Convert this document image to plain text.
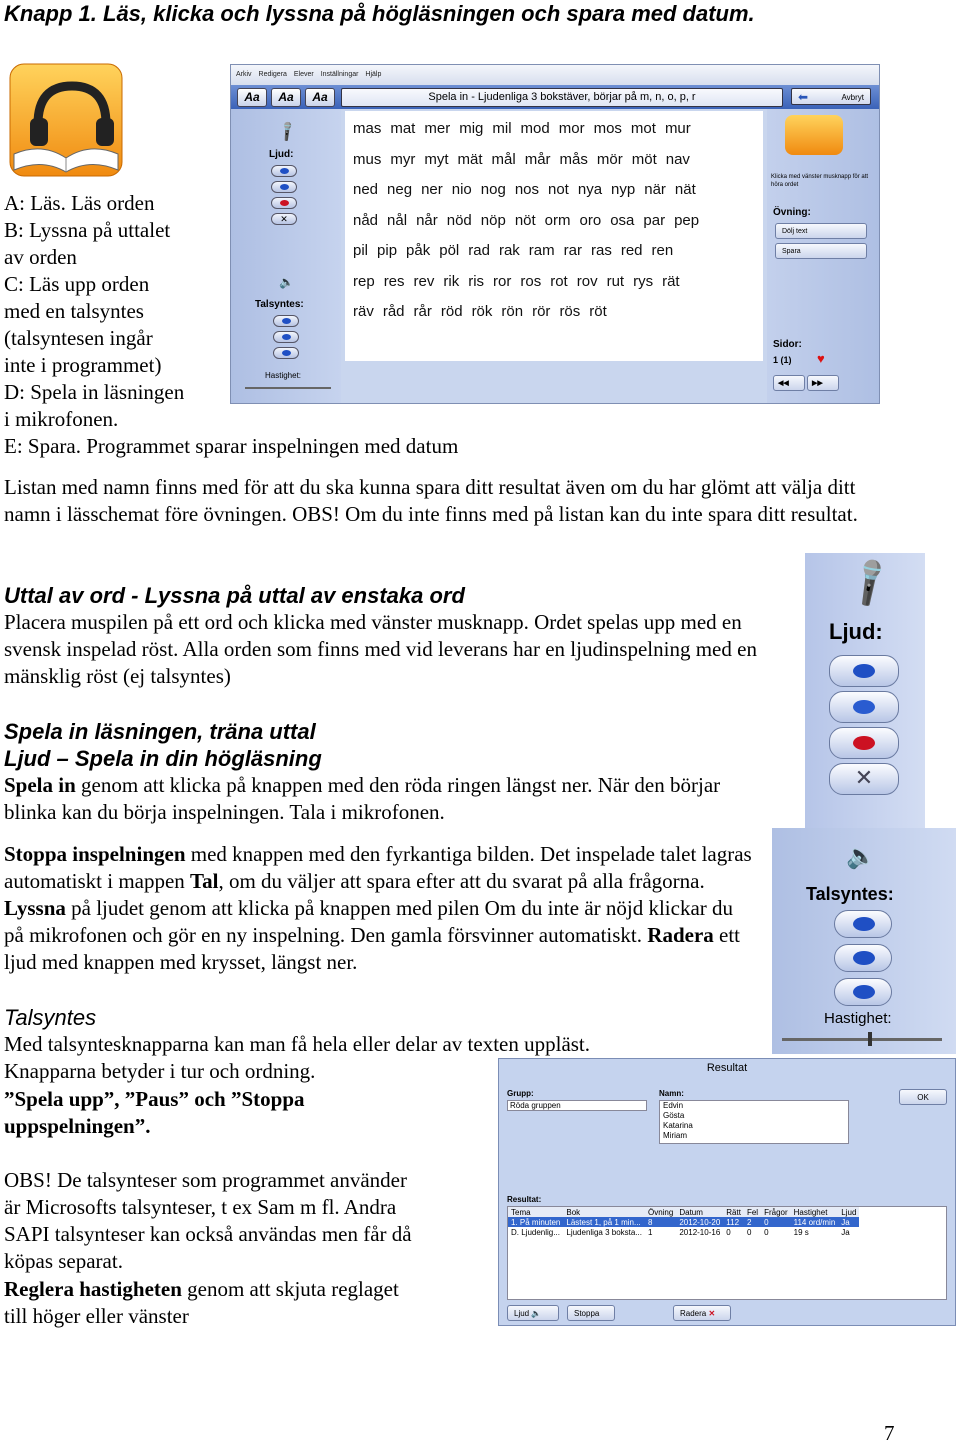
Knapp 1. Läs, klicka och lyssna på högläsningen och spara med datum.

A: Läs. Läs orden

B: Lyssna på uttalet

av orden

C: Läs upp orden

med en talsyntes

(talsyntesen ingår

inte i programmet)

D: Spela in läsningen

i mikrofonen.

E: Spara. Programmet sparar inspelningen med datum

Arkiv Redigera Elever Inställningar Hjälp
Aa	Aa	Aa	Spela in - Ljudenliga 3 bokstäver, börjar på m, n, o, p, r	⬅	Avbryt
🎤
Ljud:
✕
🔈
Talsyntes:
Hastighet:
mas mat mer mig mil mod mor mos mot mur
mus myr myt mät mål mår mås mör möt nav
ned neg ner nio nog nos not nya nyp när nät
nåd nål når nöd nöp nöt orm oro osa par pep
pil pip påk pöl rad rak ram rar ras red ren
rep res rev rik ris ror ros rot rov rut rys rät
räv råd rår röd rök rön rör rös röt
Klicka med vänster musknapp för att höra ordet
Övning:
Dölj text
Spara
Sidor:
1 (1) ♥
◀◀	▶▶

Listan med namn finns med för att du ska kunna spara ditt resultat även om du har glömt att välja ditt namn i lässchemat före övningen. OBS! Om du inte finns med på listan kan du inte spara ditt resultat.

Uttal av ord - Lyssna på uttal av enstaka ord

Placera muspilen på ett ord och klicka med vänster musknapp. Ordet spelas upp med en svensk inspelad röst. Alla orden som finns med vid leverans har en ljudinspelning med en mänsklig röst (ej talsyntes)

Spela in läsningen, träna uttal
Ljud – Spela in din högläsning

Spela in genom att klicka på knappen med den röda ringen längst ner. När den börjar blinka kan du börja inspelningen. Tala i mikrofonen.

Stoppa inspelningen med knappen med den fyrkantiga bilden. Det inspelade talet lagras automatiskt i mappen Tal, om du väljer att spara efter att du svarat på alla frågorna. Lyssna på ljudet genom att klicka på knappen med pilen Om du inte är nöjd klickar du på mikrofonen och gör en ny inspelning. Den gamla försvinner automatiskt. Radera ett ljud med knappen med krysset, längst ner.

🎤
Ljud:
✕
🔈
Talsyntes:
Hastighet:
Talsyntes

Med talsyntesknapparna kan man få hela eller delar av texten uppläst.

Knapparna betyder i tur och ordning.

”Spela upp”, ”Paus” och ”Stoppa

uppspelningen”.

OBS! De talsynteser som programmet använder

är Microsofts talsynteser, t ex Sam m fl. Andra

SAPI talsynteser kan också användas men får då

köpas separat.

Reglera hastigheten genom att skjuta reglaget

till höger eller vänster

Resultat
Grupp:
Röda gruppen
Namn:
Edvin
Gösta
Katarina
Miriam
OK
Resultat:
Tema	Bok	Övning	Datum	Rätt	Fel	Frågor	Hastighet	Ljud
1. På minuten	Lästest 1, på 1 min...	8	2012-10-20	112	2	0	114 ord/min	Ja
D. Ljudenlig...	Ljudenliga 3 boksta...	1	2012-10-16	0	0	0	19 s	Ja
Ljud 🔈	Stoppa	Radera ✕
7
